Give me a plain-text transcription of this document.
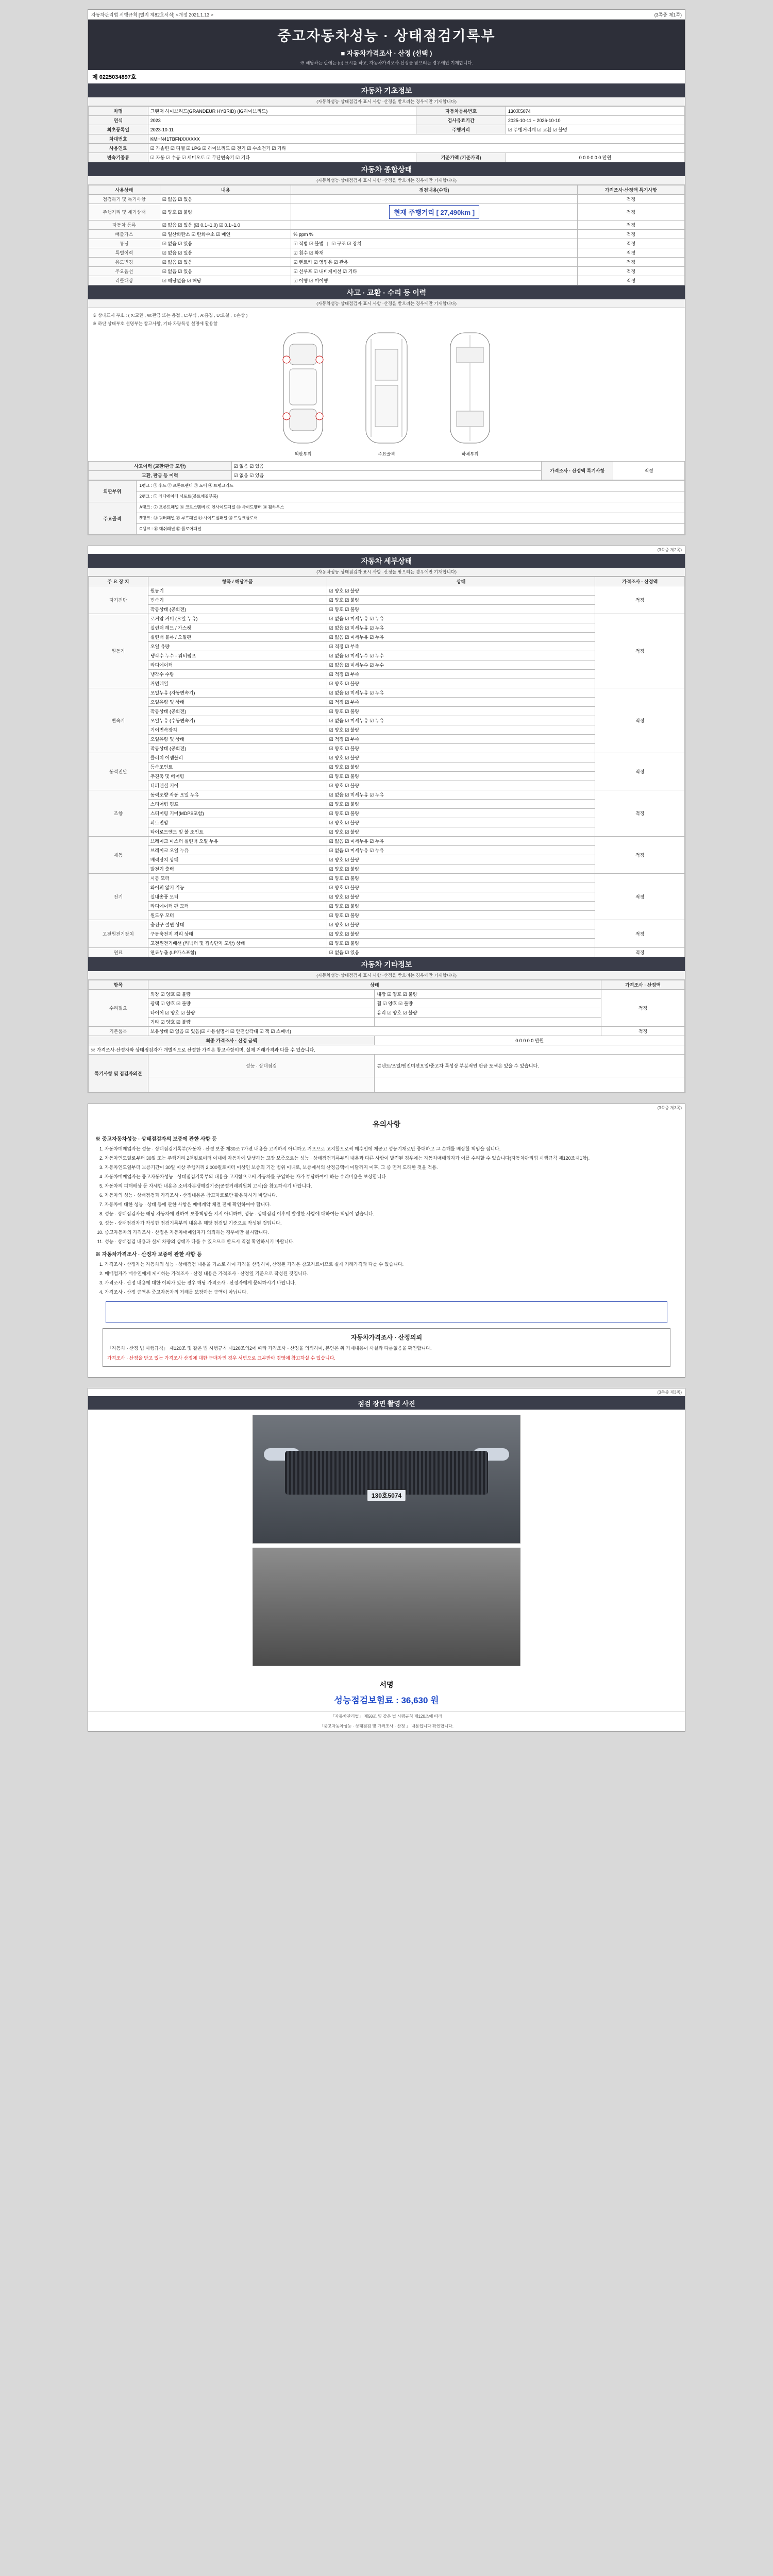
자동차관리법 시행규칙 [별지 제82호서식] <개정 2021.1.13.>	(3쪽중 제1쪽)
중고자동차성능 · 상태점검기록부
■ 자동차가격조사 · 산정 (선택 )
※ 해당하는 란에는 (□) 표시를 하고, 자동차가격조사·산정을 받으려는 경우에만 기재합니다.
제 0225034897호
자동차 기초정보
(자동차성능·상태점검자 표시 사항 ·산정을 받으려는 경우에만 기재합니다)
차명	그랜저 하이브리드(GRANDEUR HYBRID) (IG하이브리드)	자동차등록번호	130호5074
연식	2023	검사유효기간	2025-10-11 ~ 2026-10-10
최초등록일	2023-10-11	주행거리	☑ 주행거리계 ☑ 교환 ☑ 불명
차대번호	KMHN41TBFNXXXXXX		
사용연료	☑ 가솔린 ☑ 디젤 ☑ LPG ☑ 하이브리드 ☑ 전기 ☑ 수소전기 ☑ 기타		
변속기종류	☑ 자동 ☑ 수동 ☑ 세미오토 ☑ 무단변속기 ☑ 기타	기준가액 (기준가격)	0 0 0 0 0 0 만원
자동차 종합상태
(자동차성능·상태점검자 표시 사항 ·산정을 받으려는 경우에만 기재합니다)
사용상태	내용	점검내용(수행)	가격조사·산정액 특기사항
점검하기 및 특기사항	☑ 없음 ☑ 있음		적정
주행거리 및 계기상태	☑ 양호 ☑ 불량	현재 주행거리 [ 27,490km ]	적정
자동차 등록	☑ 없음 ☑ 있음 (☑ 0.1~1.0) ☑ 0.1~1.0		적정
배출가스	☑ 일산화탄소 ☑ 탄화수소 ☑ 매연	% ppm %	적정
튜닝	☑ 없음 ☑ 있음	☑ 적법 ☑ 불법 | ☑ 구조 ☑ 장치	적정
특별이력	☑ 없음 ☑ 있음	☑ 침수 ☑ 화재	적정
용도변경	☑ 없음 ☑ 있음	☑ 렌트카 ☑ 영업용 ☑ 관용	적정
주요옵션	☑ 없음 ☑ 있음	☑ 선루프 ☑ 내비게이션 ☑ 기타	적정
리콜대상	☑ 해당없음 ☑ 해당	☑ 이행 ☑ 미이행	적정
사고 · 교환 · 수리 등 이력
(자동차성능·상태점검자 표시 사항 ·산정을 받으려는 경우에만 기재합니다)
※ 상태표시 부호 : ( X:교환 , W:판금 또는 용접 , C:부식 , A:흠집 , U:요철 , T:손상 )
※ 하단 상태부호 설명부는 참고사항, 기타 차량특성 설명에 활용함
외판부위	주요골격	하체부위
사고이력 (교환/판금 포함)	☑ 없음 ☑ 있음	가격조사 · 산정액 특기사항	적정
교환, 판금 등 이력	☑ 없음 ☑ 있음		
외판부위	1랭크 : ① 후드 ② 프론트펜더 ③ 도어 ④ 트렁크리드
	2랭크 : ⑤ 라디에이터 서포트(볼트체결부품)
주요골격	A랭크 : ⑦ 프론트패널 ⑧ 크로스멤버 ⑨ 인사이드패널 ⑩ 사이드멤버 ⑪ 휠하우스
	B랭크 : ⑫ 쿼터패널 ⑬ 루프패널 ⑭ 사이드실패널 ⑮ 트렁크플로어
	C랭크 : ⑯ 대쉬패널 ⑰ 플로어패널
(3쪽중 제2쪽)
자동차 세부상태
(자동차성능·상태점검자 표시 사항 ·산정을 받으려는 경우에만 기재합니다)
주 요 장 치	항목 / 해당부품	상태	가격조사 · 산정액
자기진단	원동기	☑ 양호 ☑ 불량	적정
	변속기	☑ 양호 ☑ 불량	
	작동상태 (공회전)	☑ 양호 ☑ 불량	
원동기	로커암 커버 (오일 누유)	☑ 없음 ☑ 미세누유 ☑ 누유	적정
	실린더 헤드 / 가스켓	☑ 없음 ☑ 미세누유 ☑ 누유	
	실린더 블록 / 오일팬	☑ 없음 ☑ 미세누유 ☑ 누유	
	오일 유량	☑ 적정 ☑ 부족	
	냉각수 누수 - 워터펌프	☑ 없음 ☑ 미세누수 ☑ 누수	
	라디에이터	☑ 없음 ☑ 미세누수 ☑ 누수	
	냉각수 수량	☑ 적정 ☑ 부족	
	커먼레일	☑ 양호 ☑ 불량	
변속기	오일누유 (자동변속기)	☑ 없음 ☑ 미세누유 ☑ 누유	적정
	오일유량 및 상태	☑ 적정 ☑ 부족	
	작동상태 (공회전)	☑ 양호 ☑ 불량	
	오일누유 (수동변속기)	☑ 없음 ☑ 미세누유 ☑ 누유	
	기어변속장치	☑ 양호 ☑ 불량	
	오일유량 및 상태	☑ 적정 ☑ 부족	
	작동상태 (공회전)	☑ 양호 ☑ 불량	
동력전달	클러치 어셈블리	☑ 양호 ☑ 불량	적정
	등속조인트	☑ 양호 ☑ 불량	
	추진축 및 베어링	☑ 양호 ☑ 불량	
	디퍼렌셜 기어	☑ 양호 ☑ 불량	
조향	동력조향 작동 오일 누유	☑ 없음 ☑ 미세누유 ☑ 누유	적정
	스티어링 펌프	☑ 양호 ☑ 불량	
	스티어링 기어(MDPS포함)	☑ 양호 ☑ 불량	
	피트먼암	☑ 양호 ☑ 불량	
	타이로드엔드 및 볼 조인트	☑ 양호 ☑ 불량	
제동	브레이크 마스터 실린더 오일 누유	☑ 없음 ☑ 미세누유 ☑ 누유	적정
	브레이크 오일 누유	☑ 없음 ☑ 미세누유 ☑ 누유	
	배력장치 상태	☑ 양호 ☑ 불량	
	발전기 출력	☑ 양호 ☑ 불량	
전기	시동 모터	☑ 양호 ☑ 불량	적정
	와이퍼 않기 기능	☑ 양호 ☑ 불량	
	실내송풍 모터	☑ 양호 ☑ 불량	
	라디에이터 팬 모터	☑ 양호 ☑ 불량	
	윈도우 모터	☑ 양호 ☑ 불량	
고전원전기장치	충전구 절연 상태	☑ 양호 ☑ 불량	적정
	구동축전지 격리 상태	☑ 양호 ☑ 불량	
	고전원전기배선 (커넥터 및 접속단자 포함) 상태	☑ 양호 ☑ 불량	
연료	연료누출 (LP가스포함)	☑ 없음 ☑ 있음	적정
자동차 기타정보
(자동차성능·상태점검자 표시 사항 ·산정을 받으려는 경우에만 기재합니다)
항목	상태		가격조사 · 산정액
수리필요	외장 ☑ 양호 ☑ 불량	내장 ☑ 양호 ☑ 불량	적정
	광택 ☑ 양호 ☑ 불량	휠 ☑ 양호 ☑ 불량	
	타이어 ☑ 양호 ☑ 불량	유리 ☑ 양호 ☑ 불량	
	기타 ☑ 양호 ☑ 불량		
기본품목	보유상태 ☑ 없음 ☑ 있음(☑ 사용설명서 ☑ 안전삼각대 ☑ 잭 ☑ 스패너)		적정
최종 가격조사 · 산정 금액		0 0 0 0 0 만원	
※ 가격조사·산정자와 상태점검자가 개별적으로 산정한 가격은 참고사항이며, 실제 거래가격과 다를 수 있습니다.			
특기사항 및 점검자의견	성능 · 상태점검	콘텐트/오일/엔진미션오일/중고차 특성상 부분적인 판금 도색은 있을 수 있습니다.	

(3쪽중 제3쪽)
유의사항
※ 중고자동차성능 · 상태점검자의 보증에 관한 사항 등
1. 자동차매매업자는 성능 · 상태점검기록부(자동차 · 산정 보증 제30조 7가젼 내용을 고지하지 아니하고 거으으로 고지할으로써 매수인에 제공고 성능기재로만 중대하고 그 손해를 배상할 책임을 집니다.
2. 자동차인도일로부터 30일 또는 주행거리 2천킬로미터 이내에 자동차에 발생하는 고장 보증으로는 성능 · 상태점검기록부의 내용과 다른 사항이 발견된 경우에는 자동차매매업자가 이를 수리할 수 있습니다(자동차관리법 시행규칙 제120조제1항).
3. 자동차인도일부터 보증기간이 30일 이상 주행거리 2,000킬로미터 이상인 보증의 기간 범위 이내로, 보증에서의 산정금액에 이달까지 이후, 그 중 먼저 도래한 것을 적용.
4. 자동차매매업자는 중고자동차성능 · 상태점검기록부의 내용을 고지함으로써 자동차를 구입하는 자가 부담하여야 하는 수리비용을 보상합니다.
5. 자동차의 피해배상 등 자세한 내용은 소비자분쟁해결기준(공정거래위원회 고시)을 참고하시기 바랍니다.
6. 자동차의 성능 · 상태점검과 가격조사 · 산정내용은 참고자료로만 활용하시기 바랍니다.
7. 자동차에 대한 성능 · 상태 등에 관한 사항은 매매계약 체결 전에 확인하여야 합니다.
8. 성능 · 상태점검자는 해당 자동차에 관하여 보증책임을 지지 아니하며, 성능 · 상태점검 이후에 발생한 사항에 대하여는 책임이 없습니다.
9. 성능 · 상태점검자가 작성한 점검기록부의 내용은 해당 점검일 기준으로 작성된 것입니다.
10. 중고자동차의 가격조사 · 산정은 자동차매매업자가 의뢰하는 경우에만 실시합니다.
11. 성능 · 상태점검 내용과 실제 차량의 상태가 다를 수 있으므로 반드시 직접 확인하시기 바랍니다.
※ 자동차가격조사 · 산정자 보증에 관한 사항 등
1. 가격조사 · 산정자는 자동차의 성능 · 상태점검 내용을 기초로 하여 가격을 산정하며, 산정된 가격은 참고자료이므로 실제 거래가격과 다를 수 있습니다.
2. 매매업자가 매수인에게 제시하는 가격조사 · 산정 내용은 가격조사 · 산정일 기준으로 작성된 것입니다.
3. 가격조사 · 산정 내용에 대한 이의가 있는 경우 해당 가격조사 · 산정자에게 문의하시기 바랍니다.
4. 가격조사 · 산정 금액은 중고자동차의 거래를 보장하는 금액이 아닙니다.
자동차가격조사 · 산정의뢰
「자동차 · 산정 법 시행규칙」 제120조 및 같은 법 시행규칙 제120조의2에 따라 가격조사 · 산정을 의뢰하며, 본인은 위 기재내용이 사실과 다름없음을 확인합니다.
가격조사 · 산정을 받고 있는 가격조사 산정에 대한 구매자인 경우 서면으로 교부받아 경영에 참고하실 수 있습니다.
(3쪽중 제3쪽)
점검 장면 촬영 사진
130호5074
서명
성능점검보험료 : 36,630 원
「자동차관리법」 제58조 및 같은 법 시행규칙 제120조에 따라
「중고자동차성능 · 상태점검 및 가격조사 · 산정 」 내용입니다 확인합니다.
